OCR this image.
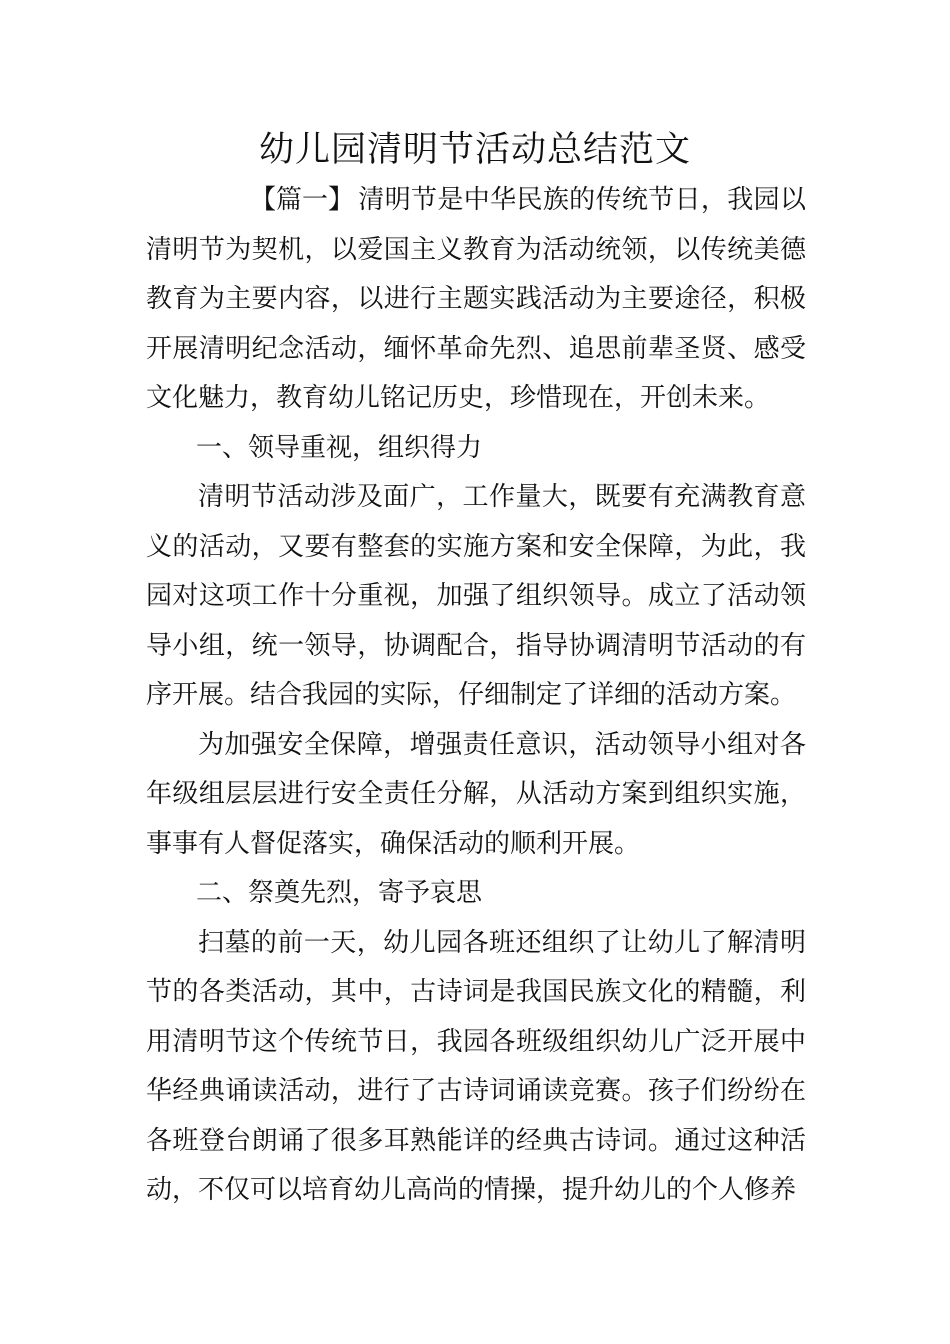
幼儿园清明节活动总结范文

【篇一】 清明节是中华民族的传统节日，我园以清明节为契机，以爱国主义教育为活动统领，以传统美德教育为主要内容，以进行主题实践活动为主要途径，积极开展清明纪念活动，缅怀革命先烈、追思前辈圣贤、感受文化魅力，教育幼儿铭记历史，珍惜现在，开创未来。

一、领导重视，组织得力

清明节活动涉及面广，工作量大，既要有充满教育意义的活动，又要有整套的实施方案和安全保障，为此，我园对这项工作十分重视，加强了组织领导。成立了活动领导小组，统一领导，协调配合，指导协调清明节活动的有序开展。结合我园的实际，仔细制定了详细的活动方案。

为加强安全保障，增强责任意识，活动领导小组对各年级组层层进行安全责任分解，从活动方案到组织实施，事事有人督促落实，确保活动的顺利开展。

二、祭奠先烈，寄予哀思

扫墓的前一天，幼儿园各班还组织了让幼儿了解清明节的各类活动，其中，古诗词是我国民族文化的精髓，利用清明节这个传统节日，我园各班级组织幼儿广泛开展中华经典诵读活动，进行了古诗词诵读竞赛。孩子们纷纷在各班登台朗诵了很多耳熟能详的经典古诗词。通过这种活动，不仅可以培育幼儿高尚的情操，提升幼儿的个人修养
